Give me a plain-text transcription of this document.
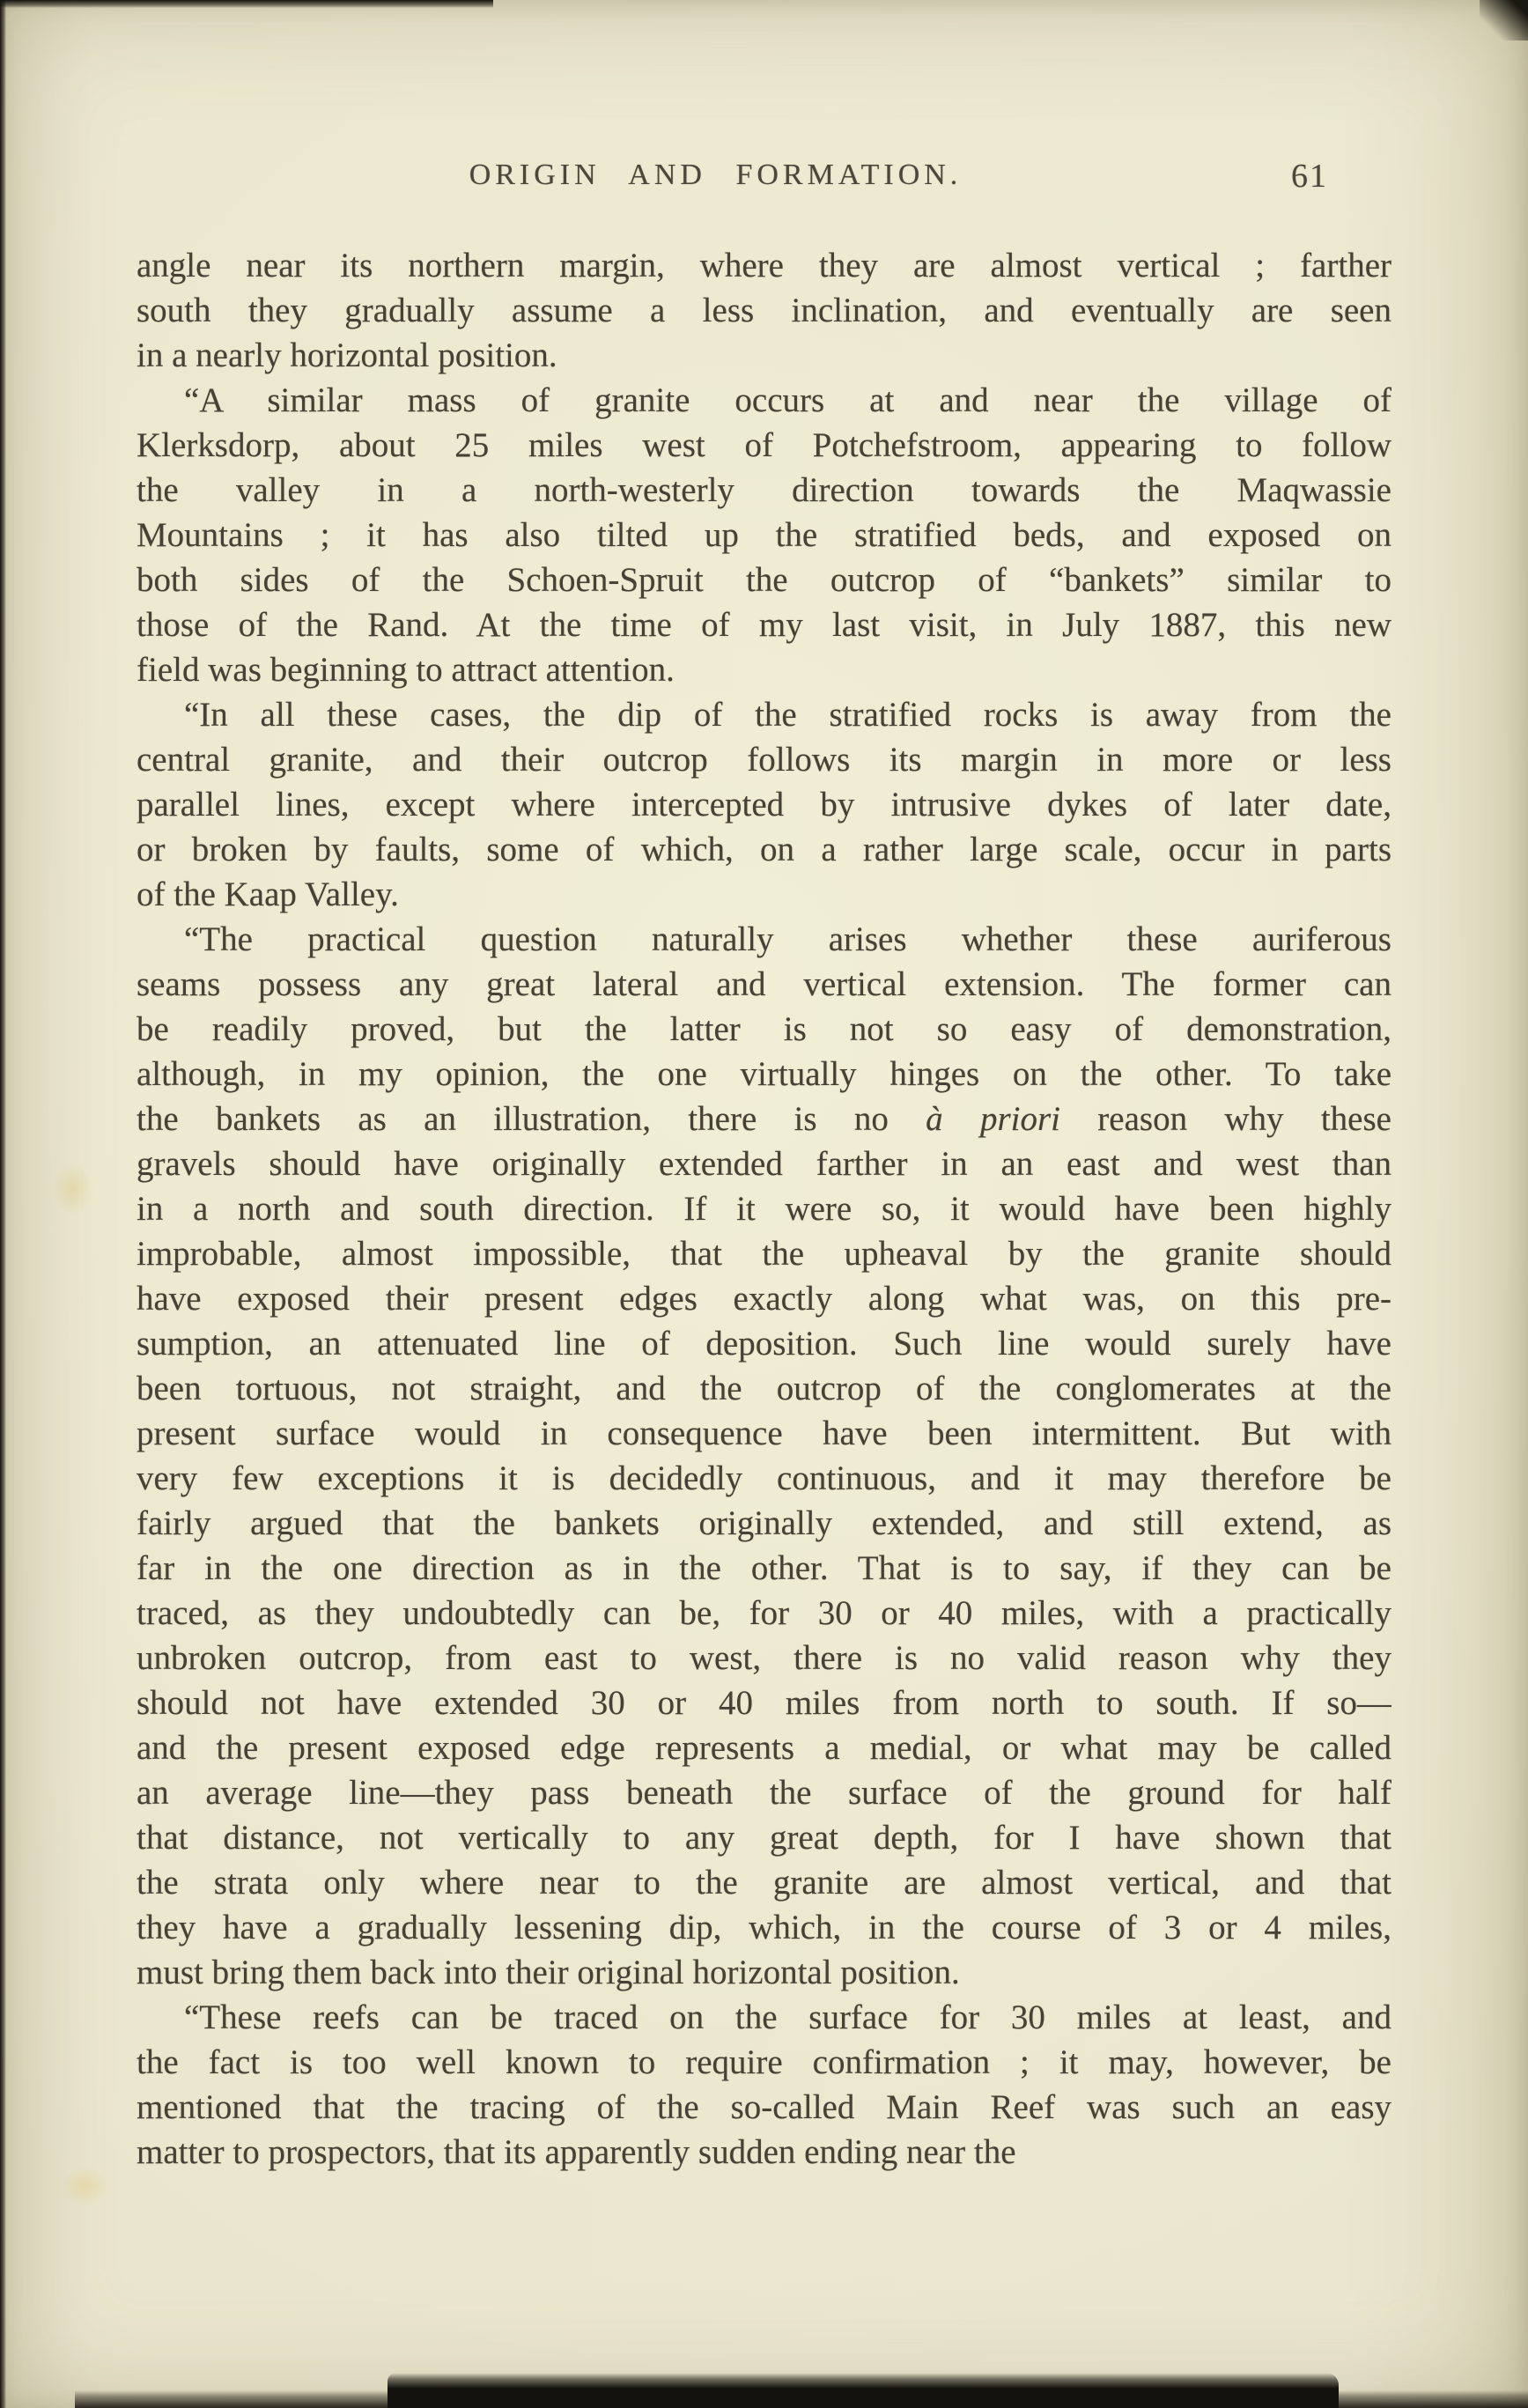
ORIGIN AND FORMATION.	61
angle near its northern margin, where they are almost vertical ; farther
south they gradually assume a less inclination, and eventually are seen
in a nearly horizontal position.
“A similar mass of granite occurs at and near the village of
Klerksdorp, about 25 miles west of Potchefstroom, appearing to follow
the valley in a north-westerly direction towards the Maqwassie
Mountains ; it has also tilted up the stratified beds, and exposed on
both sides of the Schoen-Spruit the outcrop of “bankets” similar to
those of the Rand. At the time of my last visit, in July 1887, this new
field was beginning to attract attention.
“In all these cases, the dip of the stratified rocks is away from the
central granite, and their outcrop follows its margin in more or less
parallel lines, except where intercepted by intrusive dykes of later date,
or broken by faults, some of which, on a rather large scale, occur in parts
of the Kaap Valley.
“The practical question naturally arises whether these auriferous
seams possess any great lateral and vertical extension. The former can
be readily proved, but the latter is not so easy of demonstration,
although, in my opinion, the one virtually hinges on the other. To take
the bankets as an illustration, there is no à priori reason why these
gravels should have originally extended farther in an east and west than
in a north and south direction. If it were so, it would have been highly
improbable, almost impossible, that the upheaval by the granite should
have exposed their present edges exactly along what was, on this pre-
sumption, an attenuated line of deposition. Such line would surely have
been tortuous, not straight, and the outcrop of the conglomerates at the
present surface would in consequence have been intermittent. But with
very few exceptions it is decidedly continuous, and it may therefore be
fairly argued that the bankets originally extended, and still extend, as
far in the one direction as in the other. That is to say, if they can be
traced, as they undoubtedly can be, for 30 or 40 miles, with a practically
unbroken outcrop, from east to west, there is no valid reason why they
should not have extended 30 or 40 miles from north to south. If so—
and the present exposed edge represents a medial, or what may be called
an average line—they pass beneath the surface of the ground for half
that distance, not vertically to any great depth, for I have shown that
the strata only where near to the granite are almost vertical, and that
they have a gradually lessening dip, which, in the course of 3 or 4 miles,
must bring them back into their original horizontal position.
“These reefs can be traced on the surface for 30 miles at least, and
the fact is too well known to require confirmation ; it may, however, be
mentioned that the tracing of the so-called Main Reef was such an easy
matter to prospectors, that its apparently sudden ending near the
